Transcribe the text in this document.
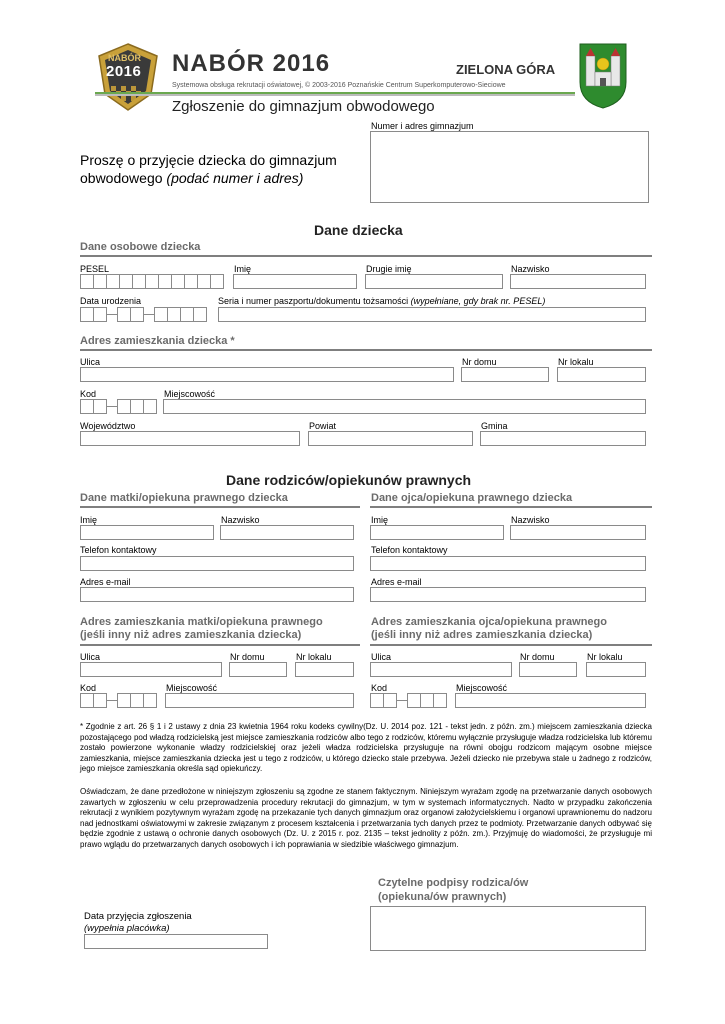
NABÓR
2016 NABÓR 2016
Systemowa obsługa rekrutacji oświatowej, © 2003-2016 Poznańskie Centrum Superkomputerowo-Sieciowe
Zgłoszenie do gimnazjum obwodowego
ZIELONA GÓRA
Proszę o przyjęcie dziecka do gimnazjum
obwodowego (podać numer i adres)
Numer i adres gimnazjum
Dane dziecka
Dane osobowe dziecka
PESEL	Imię	Drugie imię	Nazwisko
Data urodzenia	Seria i numer paszportu/dokumentu tożsamości (wypełniane, gdy brak nr. PESEL)
Adres zamieszkania dziecka *
Ulica	Nr domu	Nr lokalu
Kod	Miejscowość
Województwo	Powiat	Gmina
Dane rodziców/opiekunów prawnych
Dane matki/opiekuna prawnego dziecka
Imię	Nazwisko
Telefon kontaktowy
Adres e-mail
Dane ojca/opiekuna prawnego dziecka
Imię	Nazwisko
Telefon kontaktowy
Adres e-mail
Adres zamieszkania matki/opiekuna prawnego
(jeśli inny niż adres zamieszkania dziecka)
Ulica	Nr domu	Nr lokalu
Kod	Miejscowość
Adres zamieszkania ojca/opiekuna prawnego
(jeśli inny niż adres zamieszkania dziecka)
Ulica	Nr domu	Nr lokalu
Kod	Miejscowość
* Zgodnie z art. 26 § 1 i 2 ustawy z dnia 23 kwietnia 1964 roku kodeks cywilny(Dz. U. 2014 poz. 121 - tekst jedn. z późn. zm.) miejscem zamieszkania dziecka pozostającego pod władzą rodzicielską jest miejsce zamieszkania rodziców albo tego z rodziców, któremu wyłącznie przysługuje władza rodzicielska lub któremu zostało powierzone wykonanie władzy rodzicielskiej oraz jeżeli władza rodzicielska przysługuje na równi obojgu rodzicom mającym osobne miejsce zamieszkania, miejsce zamieszkania dziecka jest u tego z rodziców, u którego dziecko stale przebywa. Jeżeli dziecko nie przebywa stale u żadnego z rodziców, jego miejsce zamieszkania określa sąd opiekuńczy.
Oświadczam, że dane przedłożone w niniejszym zgłoszeniu są zgodne ze stanem faktycznym. Niniejszym wyrażam zgodę na przetwarzanie danych osobowych zawartych w zgłoszeniu w celu przeprowadzenia procedury rekrutacji do gimnazjum, w tym w systemach informatycznych. Nadto w przypadku zakończenia rekrutacji z wynikiem pozytywnym wyrażam zgodę na przekazanie tych danych gimnazjum oraz organowi założycielskiemu i organowi uprawnionemu do nadzoru nad jednostkami oświatowymi w zakresie związanym z procesem kształcenia i przetwarzania tych danych przez te podmioty. Przetwarzanie danych odbywać się będzie zgodnie z ustawą o ochronie danych osobowych (Dz. U. z 2015 r. poz. 2135 – tekst jednolity z późn. zm.). Przyjmuję do wiadomości, że przysługuje mi prawo wglądu do przetwarzanych danych osobowych i ich poprawiania w siedzibie właściwego gimnazjum.
Czytelne podpisy rodzica/ów
(opiekuna/ów prawnych)
Data przyjęcia zgłoszenia
(wypełnia placówka)
